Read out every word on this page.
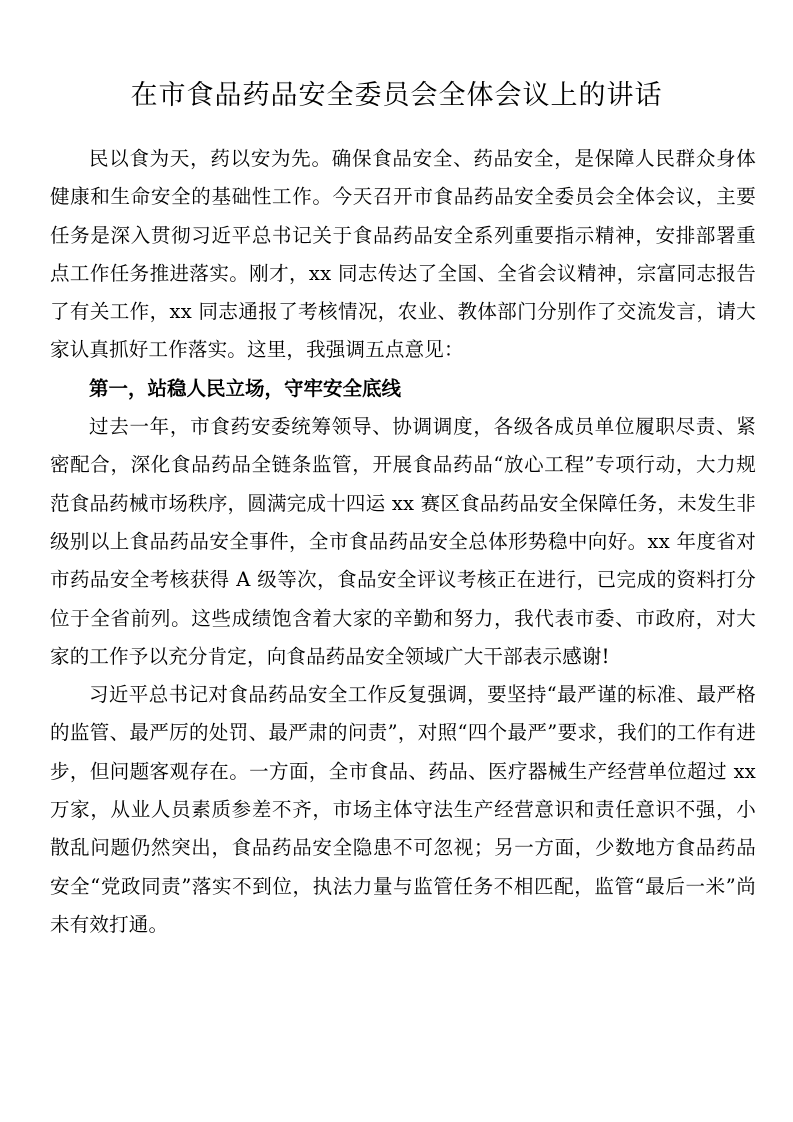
在市食品药品安全委员会全体会议上的讲话

民以食为天，药以安为先。确保食品安全、药品安全，是保障人民群众身体健康和生命安全的基础性工作。今天召开市食品药品安全委员会全体会议，主要任务是深入贯彻习近平总书记关于食品药品安全系列重要指示精神，安排部署重点工作任务推进落实。刚才，xx 同志传达了全国、全省会议精神，宗富同志报告了有关工作，xx 同志通报了考核情况，农业、教体部门分别作了交流发言，请大家认真抓好工作落实。这里，我强调五点意见：

第一，站稳人民立场，守牢安全底线

过去一年，市食药安委统筹领导、协调调度，各级各成员单位履职尽责、紧密配合，深化食品药品全链条监管，开展食品药品“放心工程”专项行动，大力规范食品药械市场秩序，圆满完成十四运 xx 赛区食品药品安全保障任务，未发生非级别以上食品药品安全事件，全市食品药品安全总体形势稳中向好。xx 年度省对市药品安全考核获得 A 级等次，食品安全评议考核正在进行，已完成的资料打分位于全省前列。这些成绩饱含着大家的辛勤和努力，我代表市委、市政府，对大家的工作予以充分肯定，向食品药品安全领域广大干部表示感谢!

习近平总书记对食品药品安全工作反复强调，要坚持“最严谨的标准、最严格的监管、最严厉的处罚、最严肃的问责”，对照“四个最严”要求，我们的工作有进步，但问题客观存在。一方面，全市食品、药品、医疗器械生产经营单位超过 xx 万家，从业人员素质参差不齐，市场主体守法生产经营意识和责任意识不强，小散乱问题仍然突出，食品药品安全隐患不可忽视；另一方面，少数地方食品药品安全“党政同责”落实不到位，执法力量与监管任务不相匹配，监管“最后一米”尚未有效打通。
